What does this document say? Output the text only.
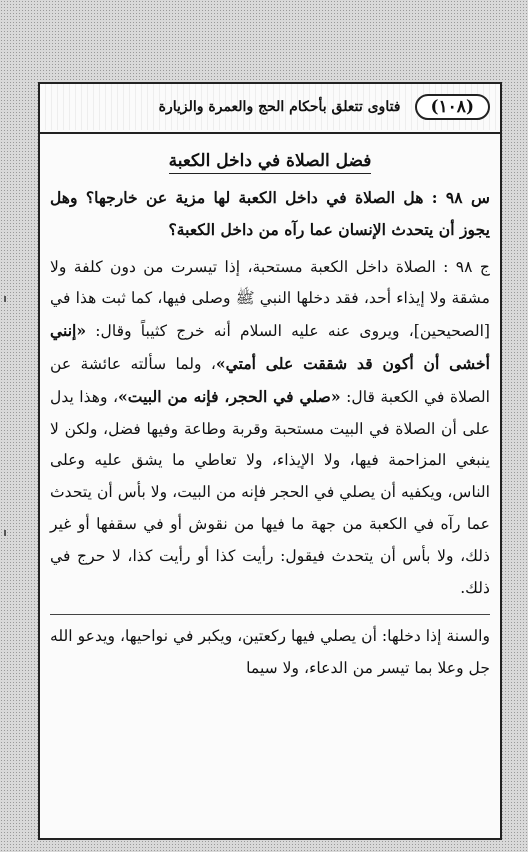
(١٠٨)
فتاوى تتعلق بأحكام الحج والعمرة والزيارة
فضل الصلاة في داخل الكعبة

س ٩٨ : هل الصلاة في داخل الكعبة لها مزية عن خارجها؟ وهل يجوز أن يتحدث الإنسان عما رآه من داخل الكعبة؟

ج ٩٨ : الصلاة داخل الكعبة مستحبة، إذا تيسرت من دون كلفة ولا مشقة ولا إيذاء أحد، فقد دخلها النبي ﷺ وصلى فيها، كما ثبت هذا في [الصحيحين]، ويروى عنه عليه السلام أنه خرج كثيباً وقال: «إنني أخشى أن أكون قد شققت على أمتي»، ولما سألته عائشة عن الصلاة في الكعبة قال: «صلي في الحجر، فإنه من البيت»، وهذا يدل على أن الصلاة في البيت مستحبة وقربة وطاعة وفيها فضل، ولكن لا ينبغي المزاحمة فيها، ولا الإيذاء، ولا تعاطي ما يشق عليه وعلى الناس، ويكفيه أن يصلي في الحجر فإنه من البيت، ولا بأس أن يتحدث عما رآه في الكعبة من جهة ما فيها من نقوش أو في سقفها أو غير ذلك، ولا بأس أن يتحدث فيقول: رأيت كذا أو رأيت كذا، لا حرج في ذلك.

والسنة إذا دخلها: أن يصلي فيها ركعتين، ويكبر في نواحيها، ويدعو الله جل وعلا بما تيسر من الدعاء، ولا سيما
